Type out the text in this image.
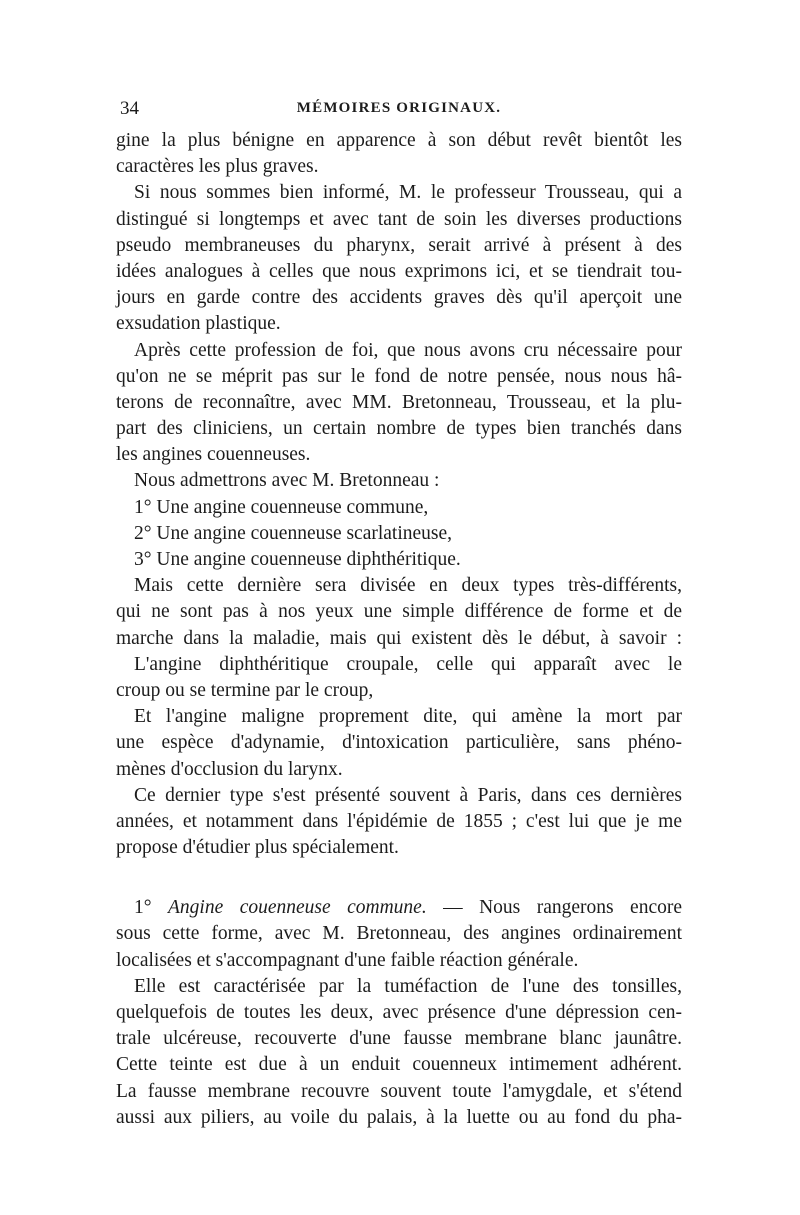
34	MÉMOIRES ORIGINAUX.
gine la plus bénigne en apparence à son début revêt bientôt les
caractères les plus graves.
Si nous sommes bien informé, M. le professeur Trousseau, qui a
distingué si longtemps et avec tant de soin les diverses productions
pseudo membraneuses du pharynx, serait arrivé à présent à des
idées analogues à celles que nous exprimons ici, et se tiendrait tou-
jours en garde contre des accidents graves dès qu'il aperçoit une
exsudation plastique.
Après cette profession de foi, que nous avons cru nécessaire pour
qu'on ne se méprit pas sur le fond de notre pensée, nous nous hâ-
terons de reconnaître, avec MM. Bretonneau, Trousseau, et la plu-
part des cliniciens, un certain nombre de types bien tranchés dans
les angines couenneuses.
Nous admettrons avec M. Bretonneau :
1° Une angine couenneuse commune,
2° Une angine couenneuse scarlatineuse,
3° Une angine couenneuse diphthéritique.
Mais cette dernière sera divisée en deux types très-différents,
qui ne sont pas à nos yeux une simple différence de forme et de
marche dans la maladie, mais qui existent dès le début, à savoir :
L'angine diphthéritique croupale, celle qui apparaît avec le
croup ou se termine par le croup,
Et l'angine maligne proprement dite, qui amène la mort par
une espèce d'adynamie, d'intoxication particulière, sans phéno-
mènes d'occlusion du larynx.
Ce dernier type s'est présenté souvent à Paris, dans ces dernières
années, et notamment dans l'épidémie de 1855 ; c'est lui que je me
propose d'étudier plus spécialement.
1° Angine couenneuse commune. — Nous rangerons encore
sous cette forme, avec M. Bretonneau, des angines ordinairement
localisées et s'accompagnant d'une faible réaction générale.
Elle est caractérisée par la tuméfaction de l'une des tonsilles,
quelquefois de toutes les deux, avec présence d'une dépression cen-
trale ulcéreuse, recouverte d'une fausse membrane blanc jaunâtre.
Cette teinte est due à un enduit couenneux intimement adhérent.
La fausse membrane recouvre souvent toute l'amygdale, et s'étend
aussi aux piliers, au voile du palais, à la luette ou au fond du pha-
